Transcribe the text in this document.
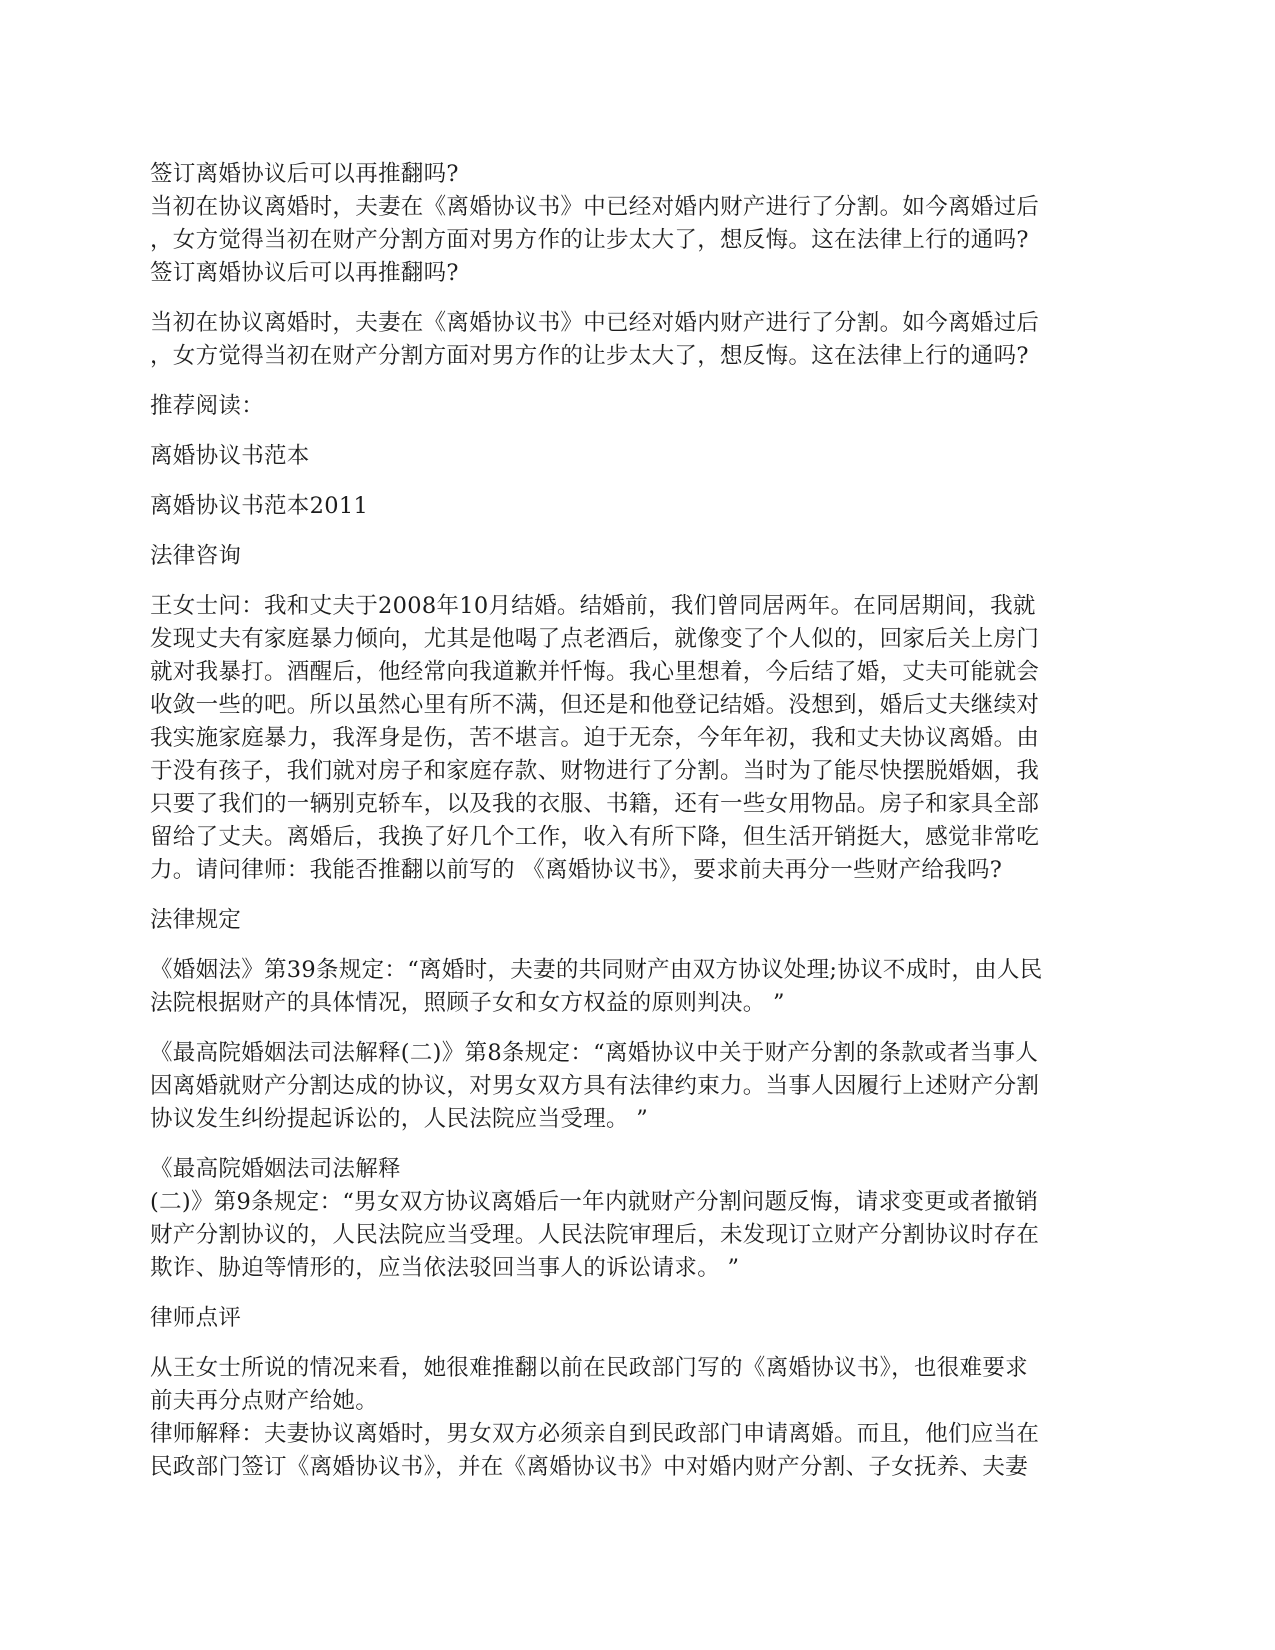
签订离婚协议后可以再推翻吗?
当初在协议离婚时，夫妻在《离婚协议书》中已经对婚内财产进行了分割。如今离婚过后
，女方觉得当初在财产分割方面对男方作的让步太大了，想反悔。这在法律上行的通吗?
签订离婚协议后可以再推翻吗?
当初在协议离婚时，夫妻在《离婚协议书》中已经对婚内财产进行了分割。如今离婚过后
，女方觉得当初在财产分割方面对男方作的让步太大了，想反悔。这在法律上行的通吗?
推荐阅读：
离婚协议书范本
离婚协议书范本2011
法律咨询
王女士问：我和丈夫于2008年10月结婚。结婚前，我们曾同居两年。在同居期间，我就
发现丈夫有家庭暴力倾向，尤其是他喝了点老酒后，就像变了个人似的，回家后关上房门
就对我暴打。酒醒后，他经常向我道歉并忏悔。我心里想着，今后结了婚，丈夫可能就会
收敛一些的吧。所以虽然心里有所不满，但还是和他登记结婚。没想到，婚后丈夫继续对
我实施家庭暴力，我浑身是伤，苦不堪言。迫于无奈，今年年初，我和丈夫协议离婚。由
于没有孩子，我们就对房子和家庭存款、财物进行了分割。当时为了能尽快摆脱婚姻，我
只要了我们的一辆别克轿车，以及我的衣服、书籍，还有一些女用物品。房子和家具全部
留给了丈夫。离婚后，我换了好几个工作，收入有所下降，但生活开销挺大，感觉非常吃
力。请问律师：我能否推翻以前写的 《离婚协议书》，要求前夫再分一些财产给我吗?
法律规定
《婚姻法》第39条规定：“离婚时，夫妻的共同财产由双方协议处理;协议不成时，由人民
法院根据财产的具体情况，照顾子女和女方权益的原则判决。 ”
《最高院婚姻法司法解释(二)》第8条规定：“离婚协议中关于财产分割的条款或者当事人
因离婚就财产分割达成的协议，对男女双方具有法律约束力。当事人因履行上述财产分割
协议发生纠纷提起诉讼的，人民法院应当受理。 ”
《最高院婚姻法司法解释
(二)》第9条规定：“男女双方协议离婚后一年内就财产分割问题反悔，请求变更或者撤销
财产分割协议的，人民法院应当受理。人民法院审理后，未发现订立财产分割协议时存在
欺诈、胁迫等情形的，应当依法驳回当事人的诉讼请求。 ”
律师点评
从王女士所说的情况来看，她很难推翻以前在民政部门写的《离婚协议书》，也很难要求
前夫再分点财产给她。
律师解释：夫妻协议离婚时，男女双方必须亲自到民政部门申请离婚。而且，他们应当在
民政部门签订《离婚协议书》，并在《离婚协议书》中对婚内财产分割、子女抚养、夫妻
